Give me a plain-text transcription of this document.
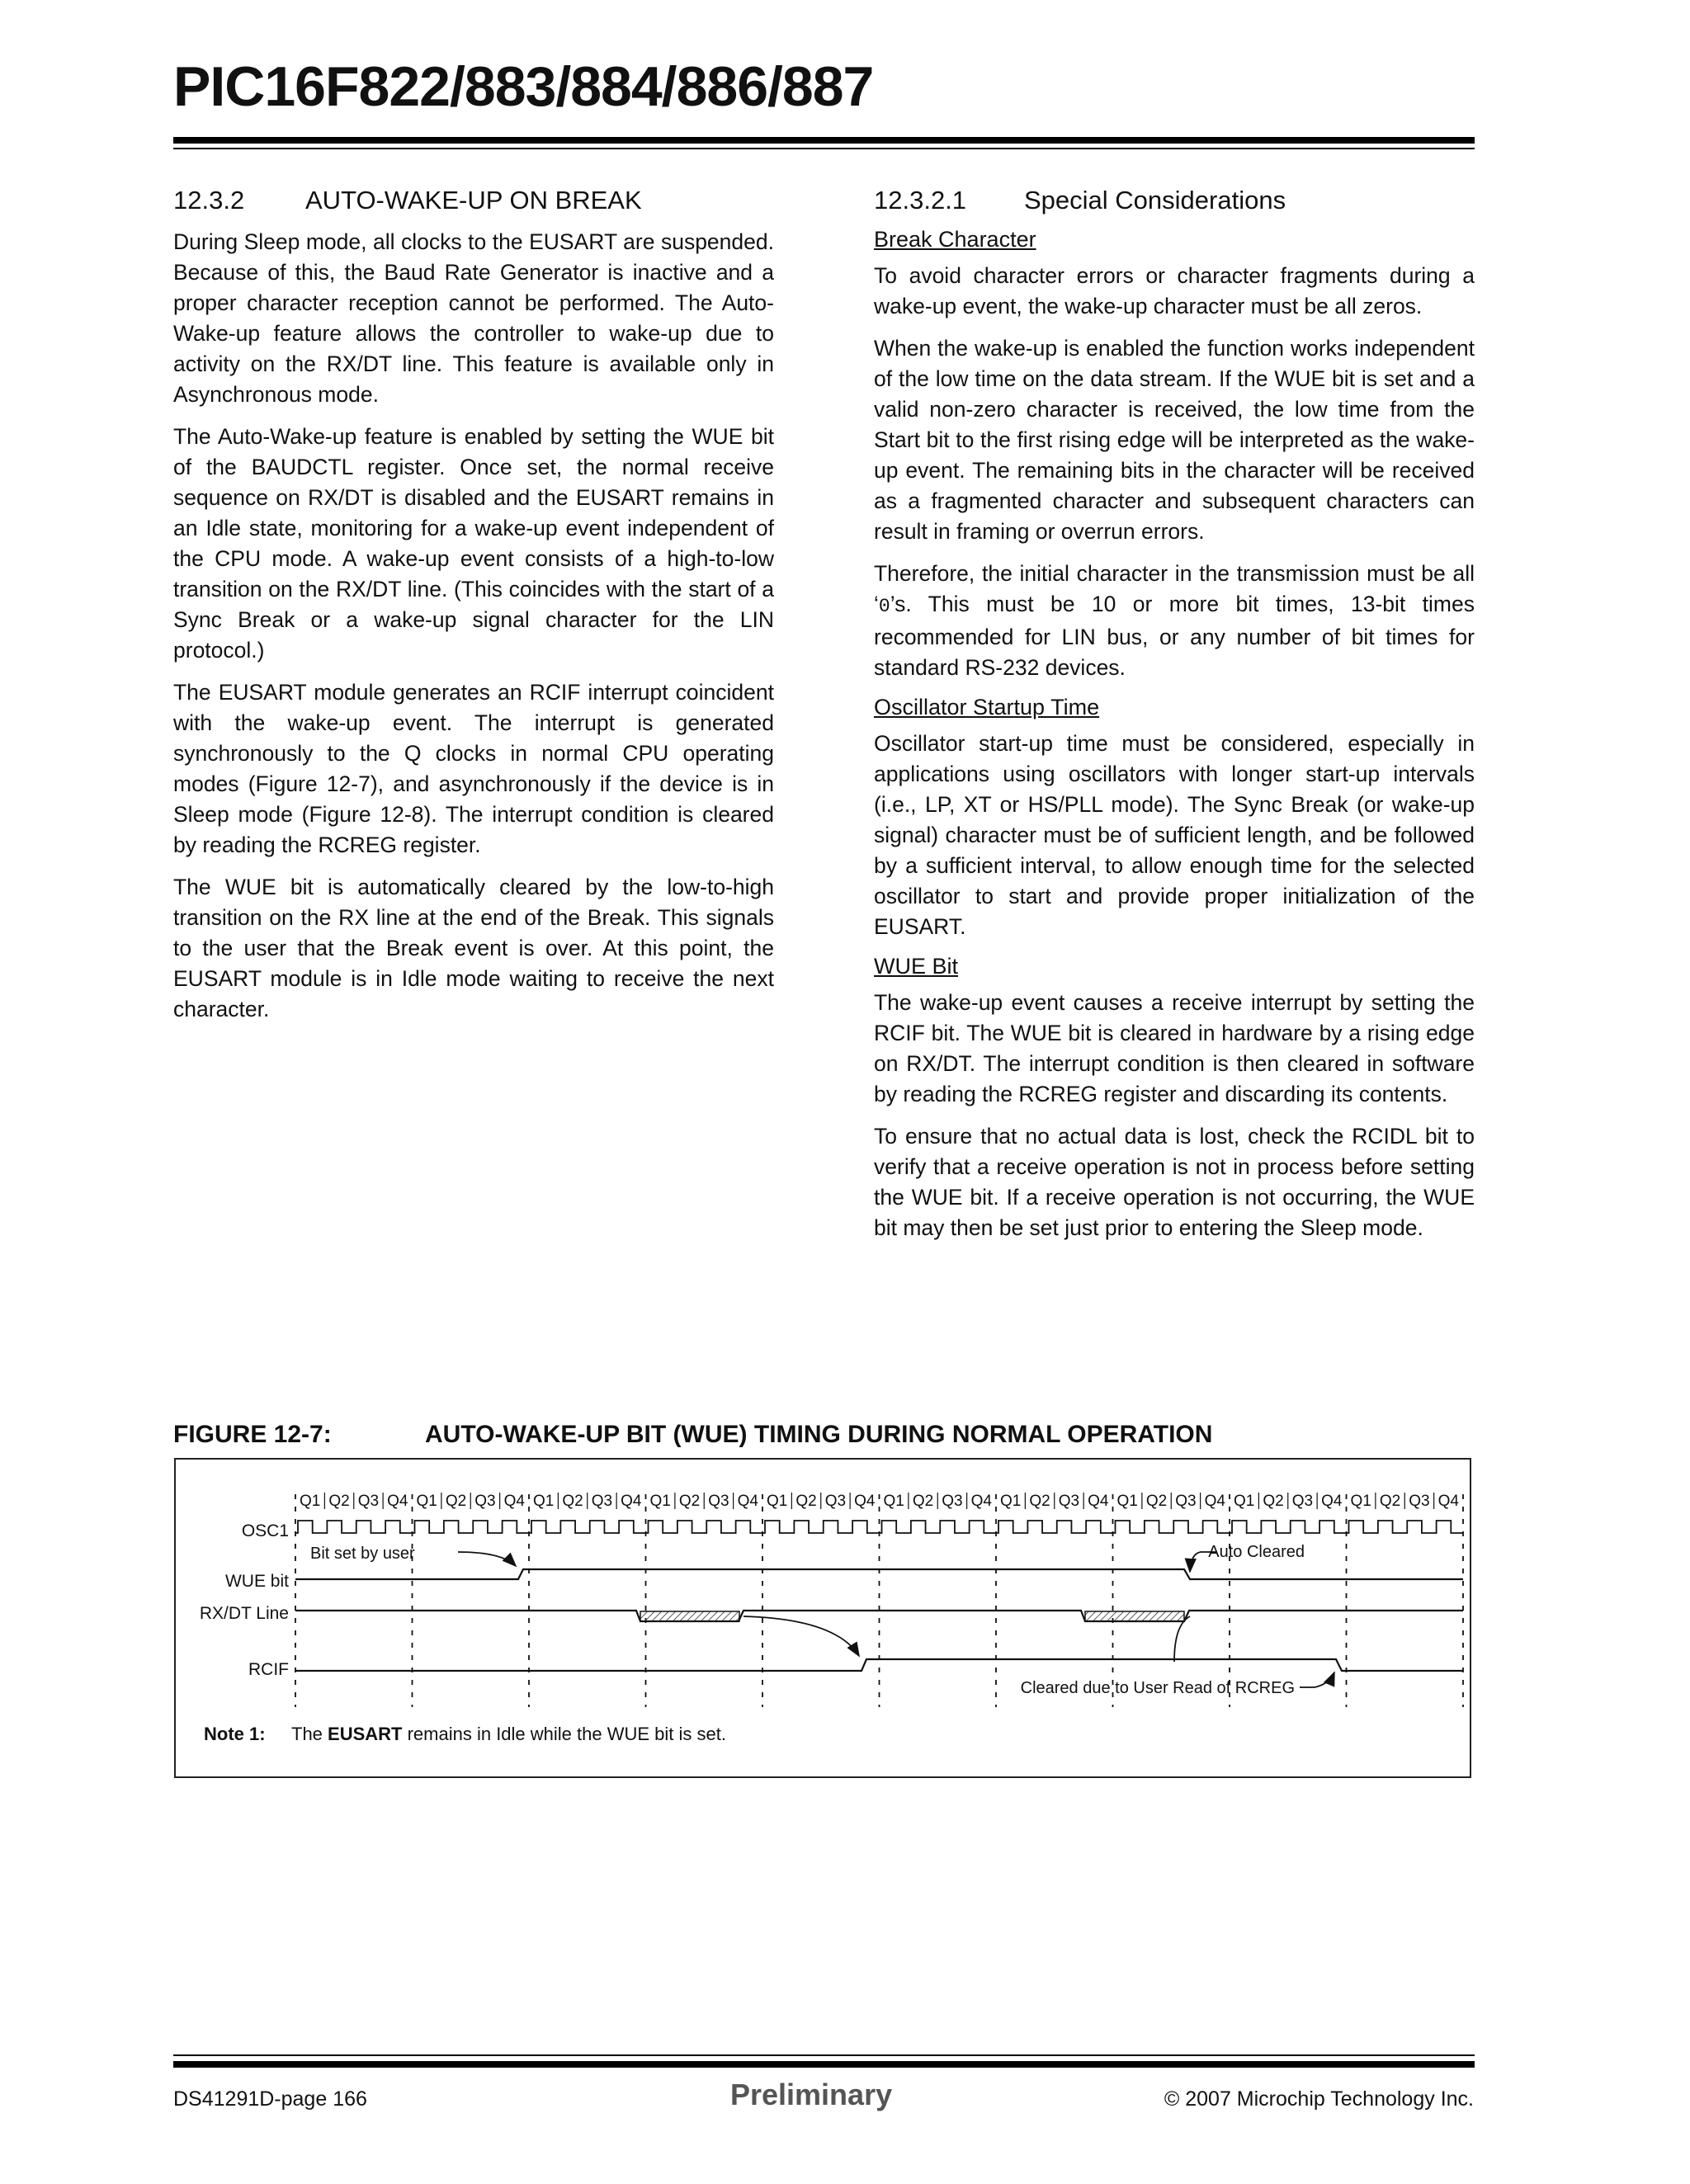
PIC16F822/883/884/886/887
12.3.2 AUTO-WAKE-UP ON BREAK

During Sleep mode, all clocks to the EUSART are suspended. Because of this, the Baud Rate Generator is inactive and a proper character reception cannot be performed. The Auto-Wake-up feature allows the controller to wake-up due to activity on the RX/DT line. This feature is available only in Asynchronous mode.

The Auto-Wake-up feature is enabled by setting the WUE bit of the BAUDCTL register. Once set, the normal receive sequence on RX/DT is disabled and the EUSART remains in an Idle state, monitoring for a wake-up event independent of the CPU mode. A wake-up event consists of a high-to-low transition on the RX/DT line. (This coincides with the start of a Sync Break or a wake-up signal character for the LIN protocol.)

The EUSART module generates an RCIF interrupt coincident with the wake-up event. The interrupt is generated synchronously to the Q clocks in normal CPU operating modes (Figure 12-7), and asynchronously if the device is in Sleep mode (Figure 12-8). The interrupt condition is cleared by reading the RCREG register.

The WUE bit is automatically cleared by the low-to-high transition on the RX line at the end of the Break. This signals to the user that the Break event is over. At this point, the EUSART module is in Idle mode waiting to receive the next character.

12.3.2.1 Special Considerations
Break Character

To avoid character errors or character fragments during a wake-up event, the wake-up character must be all zeros.

When the wake-up is enabled the function works independent of the low time on the data stream. If the WUE bit is set and a valid non-zero character is received, the low time from the Start bit to the first rising edge will be interpreted as the wake-up event. The remaining bits in the character will be received as a fragmented character and subsequent characters can result in framing or overrun errors.

Therefore, the initial character in the transmission must be all ‘0’s. This must be 10 or more bit times, 13-bit times recommended for LIN bus, or any number of bit times for standard RS-232 devices.

Oscillator Startup Time

Oscillator start-up time must be considered, especially in applications using oscillators with longer start-up intervals (i.e., LP, XT or HS/PLL mode). The Sync Break (or wake-up signal) character must be of sufficient length, and be followed by a sufficient interval, to allow enough time for the selected oscillator to start and provide proper initialization of the EUSART.

WUE Bit

The wake-up event causes a receive interrupt by setting the RCIF bit. The WUE bit is cleared in hardware by a rising edge on RX/DT. The interrupt condition is then cleared in software by reading the RCREG register and discarding its contents.

To ensure that no actual data is lost, check the RCIDL bit to verify that a receive operation is not in process before setting the WUE bit. If a receive operation is not occurring, the WUE bit may then be set just prior to entering the Sleep mode.

FIGURE 12-7:	AUTO-WAKE-UP BIT (WUE) TIMING DURING NORMAL OPERATION
OSC1
WUE bit
RX/DT Line
RCIF
Bit set by user	Auto Cleared
Cleared due to User Read of RCREG
Q1 Q2 Q3 Q4 Q1 Q2 Q3 Q4 Q1 Q2 Q3 Q4 Q1 Q2 Q3 Q4 Q1 Q2 Q3 Q4 Q1 Q2 Q3 Q4 Q1 Q2 Q3 Q4 Q1 Q2 Q3 Q4 Q1 Q2 Q3 Q4 Q1 Q2 Q3 Q4
Note 1: The EUSART remains in Idle while the WUE bit is set.
DS41291D-page 166	Preliminary	© 2007 Microchip Technology Inc.
